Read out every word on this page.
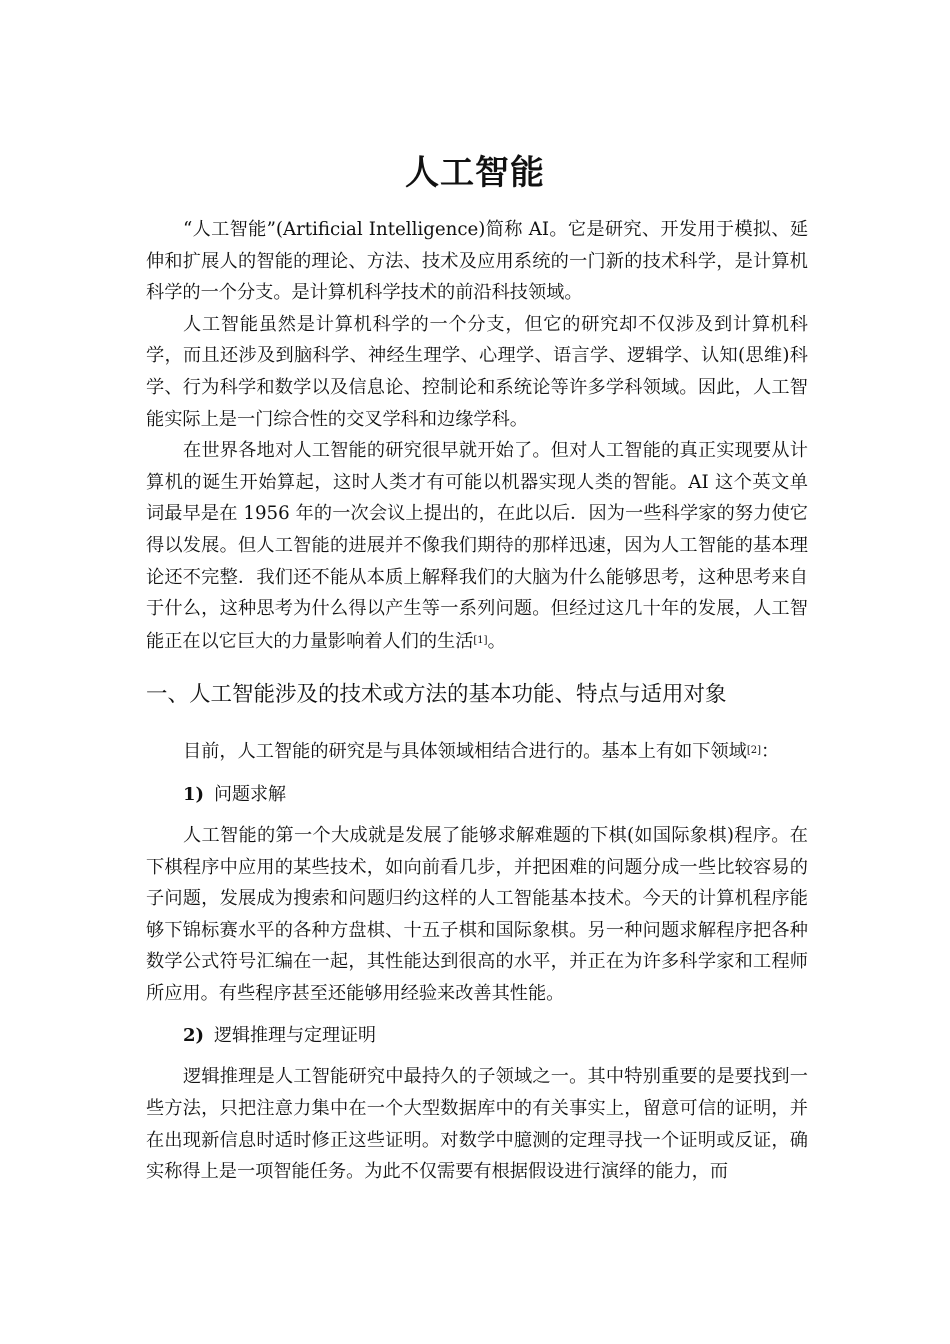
人工智能

“人工智能”(Artificial Intelligence)简称 AI。它是研究、开发用于模拟、延伸和扩展人的智能的理论、方法、技术及应用系统的一门新的技术科学，是计算机科学的一个分支。是计算机科学技术的前沿科技领域。

人工智能虽然是计算机科学的一个分支，但它的研究却不仅涉及到计算机科学，而且还涉及到脑科学、神经生理学、心理学、语言学、逻辑学、认知(思维)科学、行为科学和数学以及信息论、控制论和系统论等许多学科领域。因此，人工智能实际上是一门综合性的交叉学科和边缘学科。

在世界各地对人工智能的研究很早就开始了。但对人工智能的真正实现要从计算机的诞生开始算起，这时人类才有可能以机器实现人类的智能。AI 这个英文单词最早是在 1956 年的一次会议上提出的，在此以后．因为一些科学家的努力使它得以发展。但人工智能的进展并不像我们期待的那样迅速，因为人工智能的基本理论还不完整．我们还不能从本质上解释我们的大脑为什么能够思考，这种思考来自于什么，这种思考为什么得以产生等一系列问题。但经过这几十年的发展，人工智能正在以它巨大的力量影响着人们的生活[1]。

一、人工智能涉及的技术或方法的基本功能、特点与适用对象

目前，人工智能的研究是与具体领域相结合进行的。基本上有如下领域[2]：

1) 问题求解

人工智能的第一个大成就是发展了能够求解难题的下棋(如国际象棋)程序。在下棋程序中应用的某些技术，如向前看几步，并把困难的问题分成一些比较容易的子问题，发展成为搜索和问题归约这样的人工智能基本技术。今天的计算机程序能够下锦标赛水平的各种方盘棋、十五子棋和国际象棋。另一种问题求解程序把各种数学公式符号汇编在一起，其性能达到很高的水平，并正在为许多科学家和工程师所应用。有些程序甚至还能够用经验来改善其性能。

2) 逻辑推理与定理证明

逻辑推理是人工智能研究中最持久的子领域之一。其中特别重要的是要找到一些方法，只把注意力集中在一个大型数据库中的有关事实上，留意可信的证明，并在出现新信息时适时修正这些证明。对数学中臆测的定理寻找一个证明或反证，确实称得上是一项智能任务。为此不仅需要有根据假设进行演绎的能力，而
